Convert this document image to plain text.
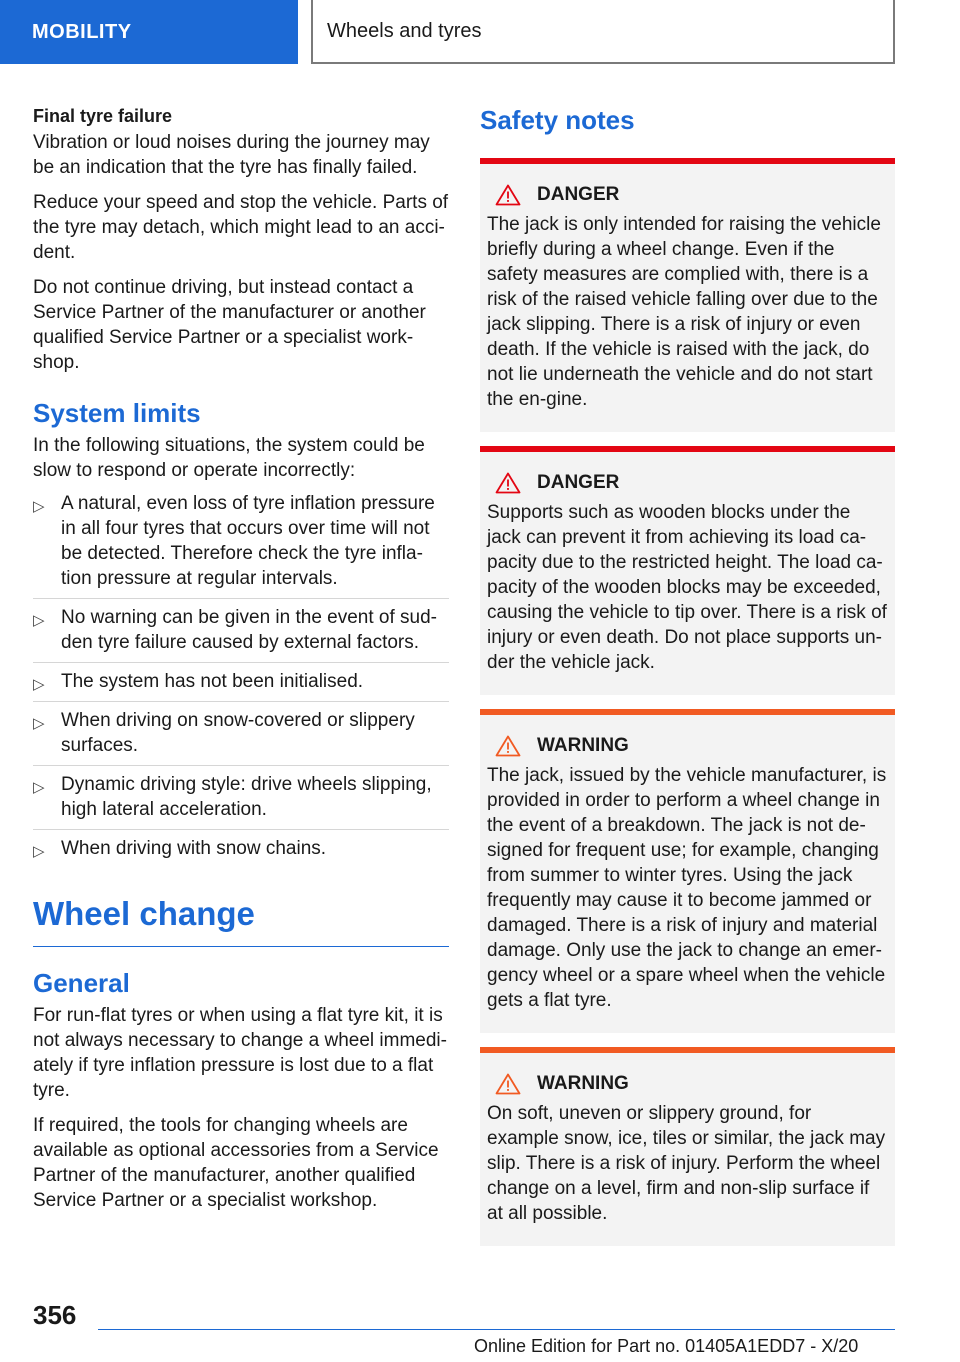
MOBILITY	Wheels and tyres
Final tyre failure

Vibration or loud noises during the journey may be an indication that the tyre has finally failed.

Reduce your speed and stop the vehicle. Parts of the tyre may detach, which might lead to an acci‐dent.

Do not continue driving, but instead contact a Service Partner of the manufacturer or another qualified Service Partner or a specialist work‐shop.

System limits

In the following situations, the system could be slow to respond or operate incorrectly:

▷ A natural, even loss of tyre inflation pressure in all four tyres that occurs over time will not be detected. Therefore check the tyre infla‐tion pressure at regular intervals.
▷ No warning can be given in the event of sud‐den tyre failure caused by external factors.
▷ The system has not been initialised.
▷ When driving on snow-covered or slippery surfaces.
▷ Dynamic driving style: drive wheels slipping, high lateral acceleration.
▷ When driving with snow chains.
Wheel change
General

For run-flat tyres or when using a flat tyre kit, it is not always necessary to change a wheel immedi‐ately if tyre inflation pressure is lost due to a flat tyre.

If required, the tools for changing wheels are available as optional accessories from a Service Partner of the manufacturer, another qualified Service Partner or a specialist workshop.

Safety notes
DANGER

The jack is only intended for raising the vehicle briefly during a wheel change. Even if the safety measures are complied with, there is a risk of the raised vehicle falling over due to the jack slipping. There is a risk of injury or even death. If the vehicle is raised with the jack, do not lie underneath the vehicle and do not start the en‐gine.

DANGER

Supports such as wooden blocks under the jack can prevent it from achieving its load ca‐pacity due to the restricted height. The load ca‐pacity of the wooden blocks may be exceeded, causing the vehicle to tip over. There is a risk of injury or even death. Do not place supports un‐der the vehicle jack.

WARNING

The jack, issued by the vehicle manufacturer, is provided in order to perform a wheel change in the event of a breakdown. The jack is not de‐signed for frequent use; for example, changing from summer to winter tyres. Using the jack frequently may cause it to become jammed or damaged. There is a risk of injury and material damage. Only use the jack to change an emer‐gency wheel or a spare wheel when the vehicle gets a flat tyre.

WARNING

On soft, uneven or slippery ground, for example snow, ice, tiles or similar, the jack may slip. There is a risk of injury. Perform the wheel change on a level, firm and non-slip surface if at all possible.

356
Online Edition for Part no. 01405A1EDD7 - X/20
